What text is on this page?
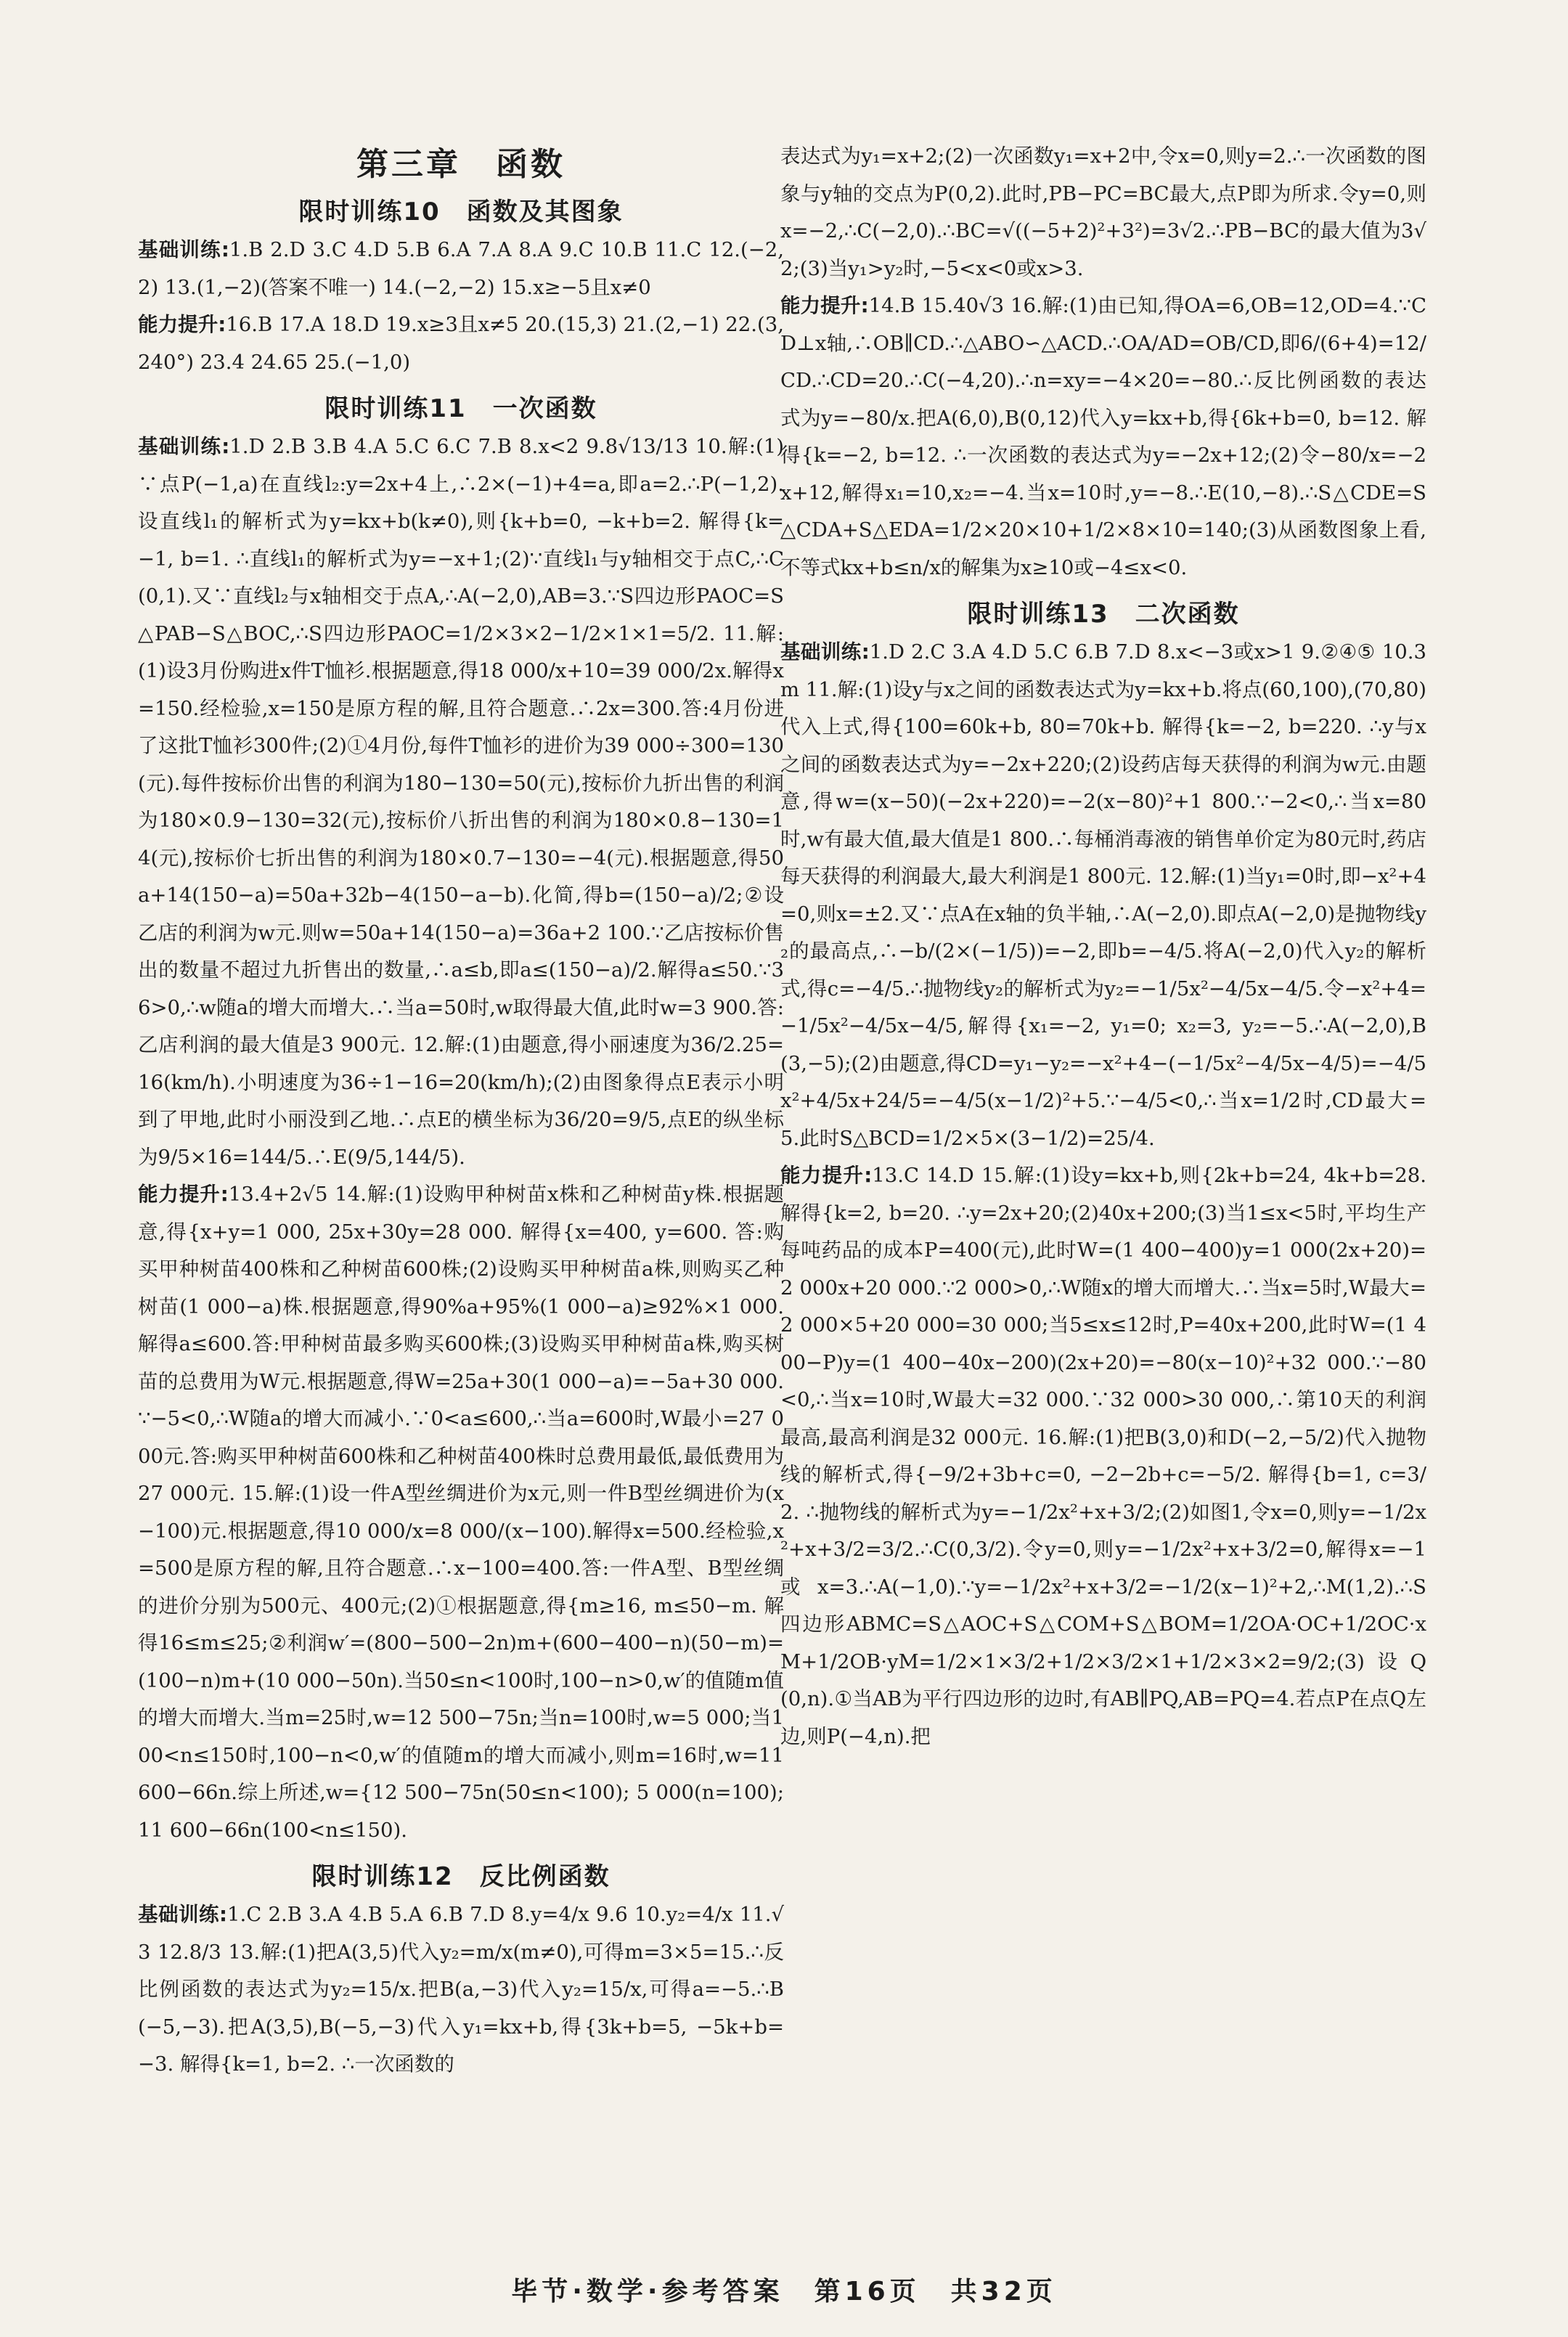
第三章　函数
限时训练10　函数及其图象

基础训练:1.B 2.D 3.C 4.D 5.B 6.A 7.A 8.A 9.C 10.B 11.C 12.(−2,2) 13.(1,−2)(答案不唯一) 14.(−2,−2) 15.x≥−5且x≠0

能力提升:16.B 17.A 18.D 19.x≥3且x≠5 20.(15,3) 21.(2,−1) 22.(3,240°) 23.4 24.65 25.(−1,0)

限时训练11　一次函数

基础训练:1.D 2.B 3.B 4.A 5.C 6.C 7.B 8.x<2 9.8√13/13 10.解:(1)∵点P(−1,a)在直线l₂:y=2x+4上,∴2×(−1)+4=a,即a=2.∴P(−1,2).设直线l₁的解析式为y=kx+b(k≠0),则{k+b=0, −k+b=2. 解得{k=−1, b=1. ∴直线l₁的解析式为y=−x+1;(2)∵直线l₁与y轴相交于点C,∴C(0,1).又∵直线l₂与x轴相交于点A,∴A(−2,0),AB=3.∵S四边形PAOC=S△PAB−S△BOC,∴S四边形PAOC=1/2×3×2−1/2×1×1=5/2. 11.解:(1)设3月份购进x件T恤衫.根据题意,得18 000/x+10=39 000/2x.解得x=150.经检验,x=150是原方程的解,且符合题意.∴2x=300.答:4月份进了这批T恤衫300件;(2)①4月份,每件T恤衫的进价为39 000÷300=130(元).每件按标价出售的利润为180−130=50(元),按标价九折出售的利润为180×0.9−130=32(元),按标价八折出售的利润为180×0.8−130=14(元),按标价七折出售的利润为180×0.7−130=−4(元).根据题意,得50a+14(150−a)=50a+32b−4(150−a−b).化简,得b=(150−a)/2;②设乙店的利润为w元.则w=50a+14(150−a)=36a+2 100.∵乙店按标价售出的数量不超过九折售出的数量,∴a≤b,即a≤(150−a)/2.解得a≤50.∵36>0,∴w随a的增大而增大.∴当a=50时,w取得最大值,此时w=3 900.答:乙店利润的最大值是3 900元. 12.解:(1)由题意,得小丽速度为36/2.25=16(km/h).小明速度为36÷1−16=20(km/h);(2)由图象得点E表示小明到了甲地,此时小丽没到乙地.∴点E的横坐标为36/20=9/5,点E的纵坐标为9/5×16=144/5.∴E(9/5,144/5).

能力提升:13.4+2√5 14.解:(1)设购甲种树苗x株和乙种树苗y株.根据题意,得{x+y=1 000, 25x+30y=28 000. 解得{x=400, y=600. 答:购买甲种树苗400株和乙种树苗600株;(2)设购买甲种树苗a株,则购买乙种树苗(1 000−a)株.根据题意,得90%a+95%(1 000−a)≥92%×1 000.解得a≤600.答:甲种树苗最多购买600株;(3)设购买甲种树苗a株,购买树苗的总费用为W元.根据题意,得W=25a+30(1 000−a)=−5a+30 000.∵−5<0,∴W随a的增大而减小.∵0<a≤600,∴当a=600时,W最小=27 000元.答:购买甲种树苗600株和乙种树苗400株时总费用最低,最低费用为27 000元. 15.解:(1)设一件A型丝绸进价为x元,则一件B型丝绸进价为(x−100)元.根据题意,得10 000/x=8 000/(x−100).解得x=500.经检验,x=500是原方程的解,且符合题意.∴x−100=400.答:一件A型、B型丝绸的进价分别为500元、400元;(2)①根据题意,得{m≥16, m≤50−m. 解得16≤m≤25;②利润w′=(800−500−2n)m+(600−400−n)(50−m)=(100−n)m+(10 000−50n).当50≤n<100时,100−n>0,w′的值随m值的增大而增大.当m=25时,w=12 500−75n;当n=100时,w=5 000;当100<n≤150时,100−n<0,w′的值随m的增大而减小,则m=16时,w=11 600−66n.综上所述,w={12 500−75n(50≤n<100); 5 000(n=100); 11 600−66n(100<n≤150).

限时训练12　反比例函数

基础训练:1.C 2.B 3.A 4.B 5.A 6.B 7.D 8.y=4/x 9.6 10.y₂=4/x 11.√3 12.8/3 13.解:(1)把A(3,5)代入y₂=m/x(m≠0),可得m=3×5=15.∴反比例函数的表达式为y₂=15/x.把B(a,−3)代入y₂=15/x,可得a=−5.∴B(−5,−3).把A(3,5),B(−5,−3)代入y₁=kx+b,得{3k+b=5, −5k+b=−3. 解得{k=1, b=2. ∴一次函数的

表达式为y₁=x+2;(2)一次函数y₁=x+2中,令x=0,则y=2.∴一次函数的图象与y轴的交点为P(0,2).此时,PB−PC=BC最大,点P即为所求.令y=0,则x=−2,∴C(−2,0).∴BC=√((−5+2)²+3²)=3√2.∴PB−BC的最大值为3√2;(3)当y₁>y₂时,−5<x<0或x>3.

能力提升:14.B 15.40√3 16.解:(1)由已知,得OA=6,OB=12,OD=4.∵CD⊥x轴,∴OB∥CD.∴△ABO∽△ACD.∴OA/AD=OB/CD,即6/(6+4)=12/CD.∴CD=20.∴C(−4,20).∴n=xy=−4×20=−80.∴反比例函数的表达式为y=−80/x.把A(6,0),B(0,12)代入y=kx+b,得{6k+b=0, b=12. 解得{k=−2, b=12. ∴一次函数的表达式为y=−2x+12;(2)令−80/x=−2x+12,解得x₁=10,x₂=−4.当x=10时,y=−8.∴E(10,−8).∴S△CDE=S△CDA+S△EDA=1/2×20×10+1/2×8×10=140;(3)从函数图象上看,不等式kx+b≤n/x的解集为x≥10或−4≤x<0.

限时训练13　二次函数

基础训练:1.D 2.C 3.A 4.D 5.C 6.B 7.D 8.x<−3或x>1 9.②④⑤ 10.3 m 11.解:(1)设y与x之间的函数表达式为y=kx+b.将点(60,100),(70,80)代入上式,得{100=60k+b, 80=70k+b. 解得{k=−2, b=220. ∴y与x之间的函数表达式为y=−2x+220;(2)设药店每天获得的利润为w元.由题意,得w=(x−50)(−2x+220)=−2(x−80)²+1 800.∵−2<0,∴当x=80时,w有最大值,最大值是1 800.∴每桶消毒液的销售单价定为80元时,药店每天获得的利润最大,最大利润是1 800元. 12.解:(1)当y₁=0时,即−x²+4=0,则x=±2.又∵点A在x轴的负半轴,∴A(−2,0).即点A(−2,0)是抛物线y₂的最高点,∴−b/(2×(−1/5))=−2,即b=−4/5.将A(−2,0)代入y₂的解析式,得c=−4/5.∴抛物线y₂的解析式为y₂=−1/5x²−4/5x−4/5.令−x²+4=−1/5x²−4/5x−4/5,解得{x₁=−2, y₁=0; x₂=3, y₂=−5.∴A(−2,0),B(3,−5);(2)由题意,得CD=y₁−y₂=−x²+4−(−1/5x²−4/5x−4/5)=−4/5x²+4/5x+24/5=−4/5(x−1/2)²+5.∵−4/5<0,∴当x=1/2时,CD最大=5.此时S△BCD=1/2×5×(3−1/2)=25/4.

能力提升:13.C 14.D 15.解:(1)设y=kx+b,则{2k+b=24, 4k+b=28. 解得{k=2, b=20. ∴y=2x+20;(2)40x+200;(3)当1≤x<5时,平均生产每吨药品的成本P=400(元),此时W=(1 400−400)y=1 000(2x+20)=2 000x+20 000.∵2 000>0,∴W随x的增大而增大.∴当x=5时,W最大=2 000×5+20 000=30 000;当5≤x≤12时,P=40x+200,此时W=(1 400−P)y=(1 400−40x−200)(2x+20)=−80(x−10)²+32 000.∵−80<0,∴当x=10时,W最大=32 000.∵32 000>30 000,∴第10天的利润最高,最高利润是32 000元. 16.解:(1)把B(3,0)和D(−2,−5/2)代入抛物线的解析式,得{−9/2+3b+c=0, −2−2b+c=−5/2. 解得{b=1, c=3/2. ∴抛物线的解析式为y=−1/2x²+x+3/2;(2)如图1,令x=0,则y=−1/2x²+x+3/2=3/2.∴C(0,3/2).令y=0,则y=−1/2x²+x+3/2=0,解得x=−1或x=3.∴A(−1,0).∵y=−1/2x²+x+3/2=−1/2(x−1)²+2,∴M(1,2).∴S四边形ABMC=S△AOC+S△COM+S△BOM=1/2OA·OC+1/2OC·xM+1/2OB·yM=1/2×1×3/2+1/2×3/2×1+1/2×3×2=9/2;(3)设Q(0,n).①当AB为平行四边形的边时,有AB∥PQ,AB=PQ=4.若点P在点Q左边,则P(−4,n).把

毕节·数学·参考答案　第16页　共32页
